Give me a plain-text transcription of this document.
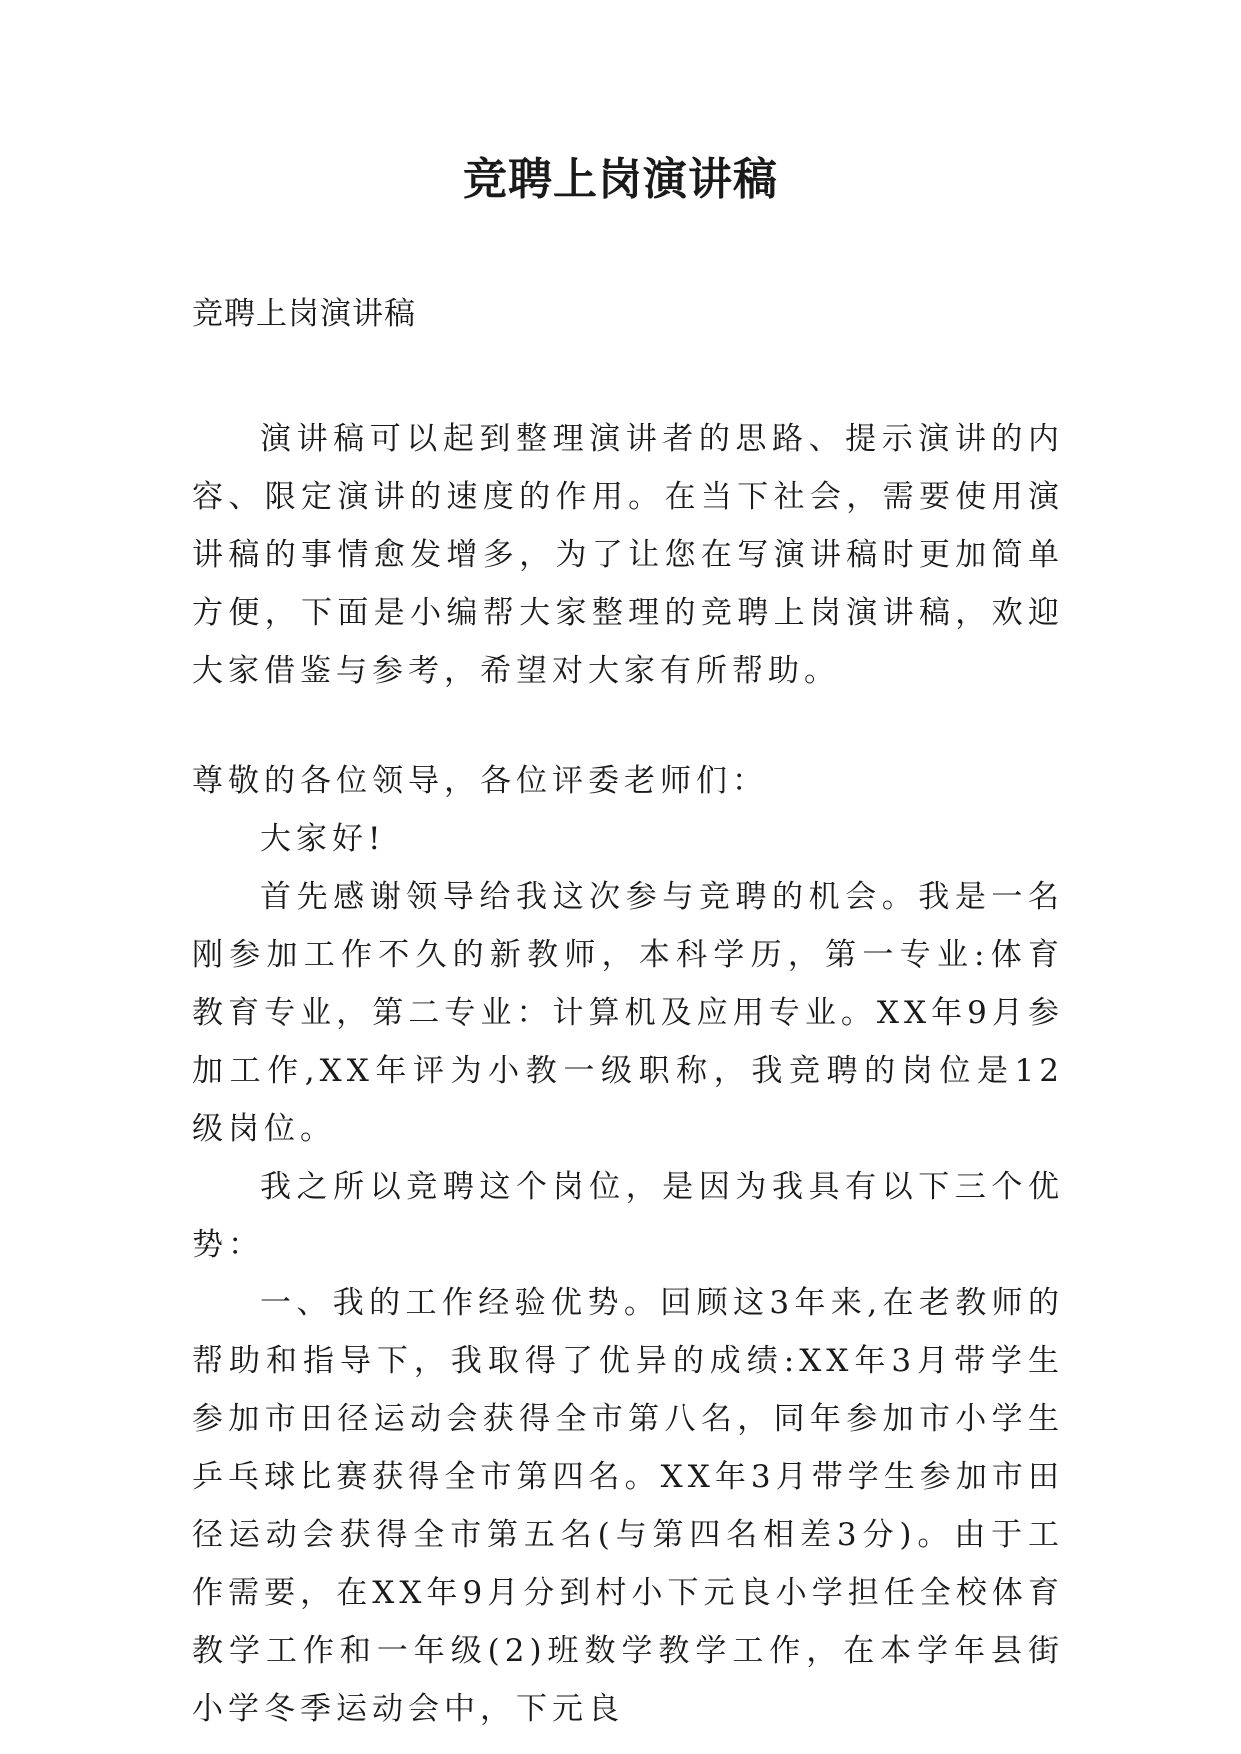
竞聘上岗演讲稿
竞聘上岗演讲稿

演讲稿可以起到整理演讲者的思路、提示演讲的内容、限定演讲的速度的作用。在当下社会，需要使用演讲稿的事情愈发增多，为了让您在写演讲稿时更加简单方便，下面是小编帮大家整理的竞聘上岗演讲稿，欢迎大家借鉴与参考，希望对大家有所帮助。

尊敬的各位领导，各位评委老师们：

大家好!

首先感谢领导给我这次参与竞聘的机会。我是一名刚参加工作不久的新教师，本科学历，第一专业:体育教育专业，第二专业：计算机及应用专业。XX年9月参加工作,XX年评为小教一级职称，我竞聘的岗位是12级岗位。

我之所以竞聘这个岗位，是因为我具有以下三个优势：

一、我的工作经验优势。回顾这3年来,在老教师的帮助和指导下，我取得了优异的成绩:XX年3月带学生参加市田径运动会获得全市第八名，同年参加市小学生乒乓球比赛获得全市第四名。XX年3月带学生参加市田径运动会获得全市第五名(与第四名相差3分)。由于工作需要，在XX年9月分到村小下元良小学担任全校体育教学工作和一年级(2)班数学教学工作，在本学年县街小学冬季运动会中，下元良
